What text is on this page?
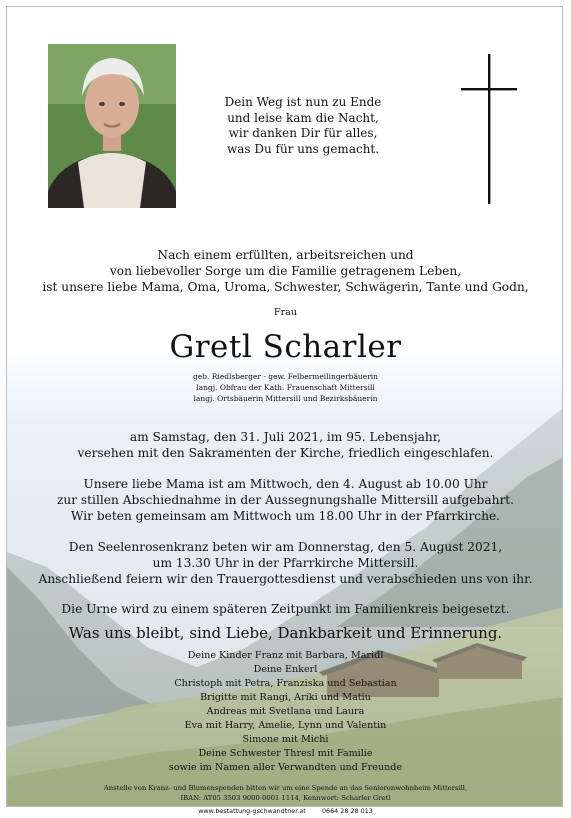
Dein Weg ist nun zu Ende
und leise kam die Nacht,
wir danken Dir für alles,
was Du für uns gemacht.
Nach einem erfüllten, arbeitsreichen und
von liebevoller Sorge um die Familie getragenem Leben,
ist unsere liebe Mama, Oma, Uroma, Schwester, Schwägerin, Tante und Godn,
Frau
Gretl Scharler
geb. Riedlsberger - gew. Felbermeilingerbäuerin
langj. Obfrau der Kath. Frauenschaft Mittersill
langj. Ortsbäuerin Mittersill und Bezirksbäuerin
am Samstag, den 31. Juli 2021, im 95. Lebensjahr,
versehen mit den Sakramenten der Kirche, friedlich eingeschlafen.
Unsere liebe Mama ist am Mittwoch, den 4. August ab 10.00 Uhr
zur stillen Abschiednahme in der Aussegnungshalle Mittersill aufgebahrt.
Wir beten gemeinsam am Mittwoch um 18.00 Uhr in der Pfarrkirche.
Den Seelenrosenkranz beten wir am Donnerstag, den 5. August 2021,
um 13.30 Uhr in der Pfarrkirche Mittersill.
Anschließend feiern wir den Trauergottesdienst und verabschieden uns von ihr.
Die Urne wird zu einem späteren Zeitpunkt im Familienkreis beigesetzt.
Was uns bleibt, sind Liebe, Dankbarkeit und Erinnerung.
Deine Kinder Franz mit Barbara, Maridl
Deine Enkerl
Christoph mit Petra, Franziska und Sebastian
Brigitte mit Rangi, Ariki und Matiu
Andreas mit Svetlana und Laura
Eva mit Harry, Amelie, Lynn und Valentin
Simone mit Michi
Deine Schwester Thresl mit Familie
sowie im Namen aller Verwandten und Freunde
Anstelle von Kranz- und Blumenspenden bitten wir um eine Spende an das Seniorenwohnheim Mittersill,
IBAN: AT05 3503 9000 0001 1114, Kennwort: Scharler Gretl
www.bestattung-gschwandtner.at        0664 28 28 013
